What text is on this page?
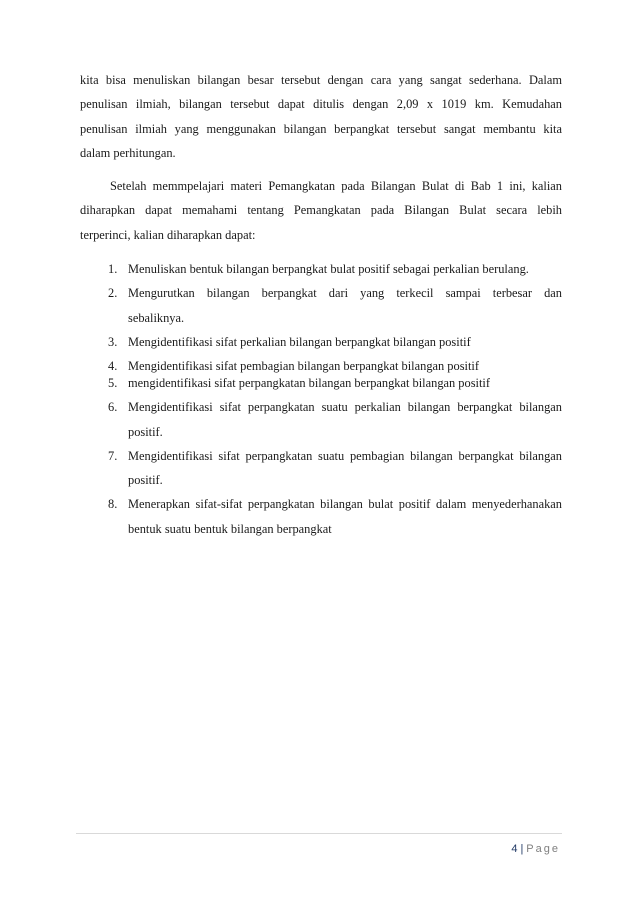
kita bisa menuliskan bilangan besar tersebut dengan cara yang sangat sederhana. Dalam
penulisan ilmiah, bilangan tersebut dapat ditulis dengan 2,09 x 1019 km. Kemudahan
penulisan ilmiah yang menggunakan bilangan berpangkat tersebut sangat membantu kita
dalam perhitungan.

Setelah memmpelajari materi Pemangkatan pada Bilangan Bulat di Bab 1 ini, kalian
diharapkan dapat memahami tentang Pemangkatan pada Bilangan Bulat secara lebih
terperinci, kalian diharapkan dapat:

1. Menuliskan bentuk bilangan berpangkat bulat positif sebagai perkalian berulang.
2. Mengurutkan bilangan berpangkat dari yang terkecil sampai terbesar dan
sebaliknya.
3. Mengidentifikasi sifat perkalian bilangan berpangkat bilangan positif
4. Mengidentifikasi sifat pembagian bilangan berpangkat bilangan positif
5. mengidentifikasi sifat perpangkatan bilangan berpangkat bilangan positif
6. Mengidentifikasi sifat perpangkatan suatu perkalian bilangan berpangkat bilangan
positif.
7. Mengidentifikasi sifat perpangkatan suatu pembagian bilangan berpangkat bilangan
positif.
8. Menerapkan sifat-sifat perpangkatan bilangan bulat positif dalam menyederhanakan
bentuk suatu bentuk bilangan berpangkat
4 | Page
